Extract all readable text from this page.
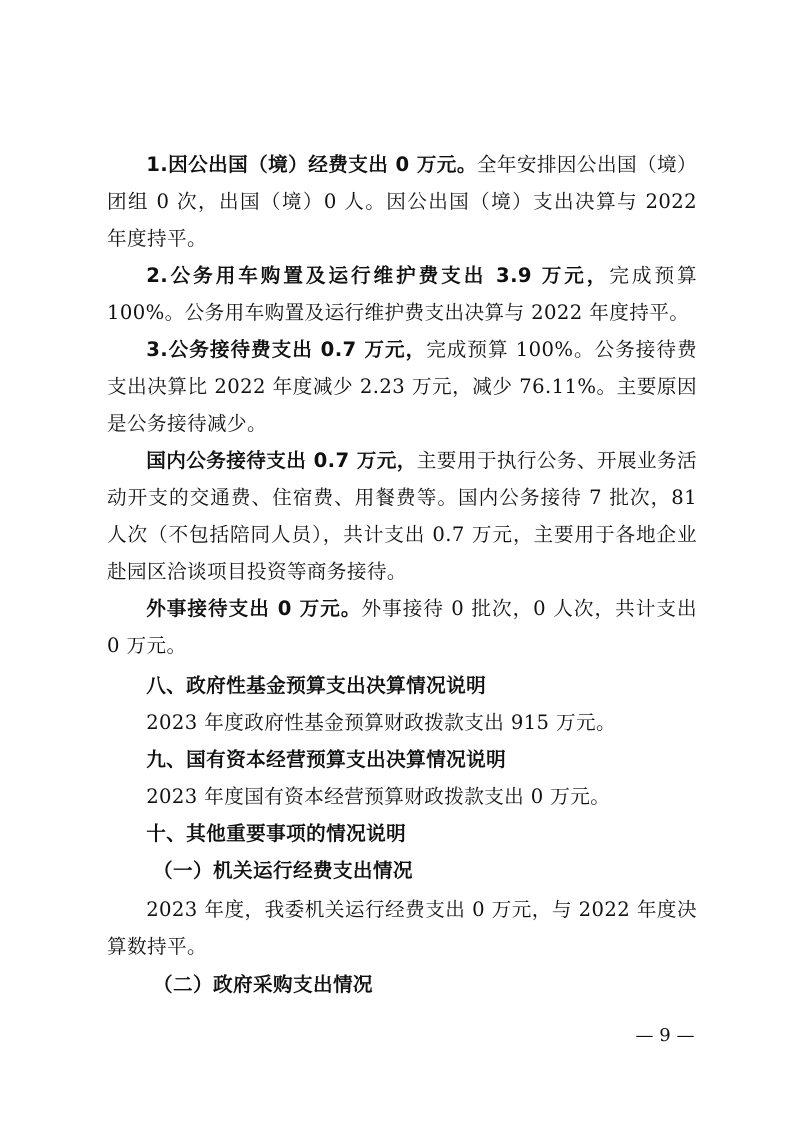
1.因公出国（境）经费支出 0 万元。全年安排因公出国（境）团组 0 次，出国（境）0 人。因公出国（境）支出决算与 2022 年度持平。

2.公务用车购置及运行维护费支出 3.9 万元，完成预算 100%。公务用车购置及运行维护费支出决算与 2022 年度持平。

3.公务接待费支出 0.7 万元，完成预算 100%。公务接待费支出决算比 2022 年度减少 2.23 万元，减少 76.11%。主要原因是公务接待减少。

国内公务接待支出 0.7 万元，主要用于执行公务、开展业务活动开支的交通费、住宿费、用餐费等。国内公务接待 7 批次，81 人次（不包括陪同人员），共计支出 0.7 万元，主要用于各地企业赴园区洽谈项目投资等商务接待。

外事接待支出 0 万元。外事接待 0 批次，0 人次，共计支出 0 万元。

八、政府性基金预算支出决算情况说明

2023 年度政府性基金预算财政拨款支出 915 万元。

九、国有资本经营预算支出决算情况说明

2023 年度国有资本经营预算财政拨款支出 0 万元。

十、其他重要事项的情况说明

（一）机关运行经费支出情况

2023 年度，我委机关运行经费支出 0 万元，与 2022 年度决算数持平。

（二）政府采购支出情况

— 9 —
